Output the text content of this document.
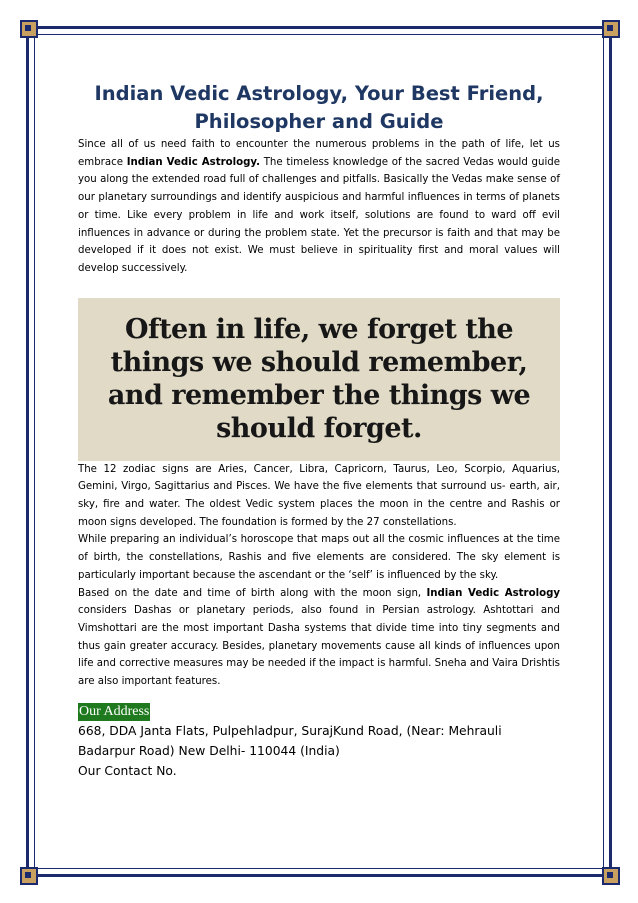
Indian Vedic Astrology, Your Best Friend,
Philosopher and Guide

Since all of us need faith to encounter the numerous problems in the path of life, let us embrace Indian Vedic Astrology. The timeless knowledge of the sacred Vedas would guide you along the extended road full of challenges and pitfalls. Basically the Vedas make sense of our planetary surroundings and identify auspicious and harmful influences in terms of planets or time. Like every problem in life and work itself, solutions are found to ward off evil influences in advance or during the problem state. Yet the precursor is faith and that may be developed if it does not exist. We must believe in spirituality first and moral values will develop successively.

Often in life, we forget the
things we should remember,
and remember the things we
should forget.

The 12 zodiac signs are Aries, Cancer, Libra, Capricorn, Taurus, Leo, Scorpio, Aquarius, Gemini, Virgo, Sagittarius and Pisces. We have the five elements that surround us- earth, air, sky, fire and water. The oldest Vedic system places the moon in the centre and Rashis or moon signs developed. The foundation is formed by the 27 constellations.

While preparing an individual’s horoscope that maps out all the cosmic influences at the time of birth, the constellations, Rashis and five elements are considered. The sky element is particularly important because the ascendant or the ‘self’ is influenced by the sky.

Based on the date and time of birth along with the moon sign, Indian Vedic Astrology considers Dashas or planetary periods, also found in Persian astrology. Ashtottari and Vimshottari are the most important Dasha systems that divide time into tiny segments and thus gain greater accuracy. Besides, planetary movements cause all kinds of influences upon life and corrective measures may be needed if the impact is harmful. Sneha and Vaira Drishtis are also important features.

Our Address

668, DDA Janta Flats, Pulpehladpur, SurajKund Road, (Near: Mehrauli Badarpur Road) New Delhi- 110044 (India)

Our Contact No.
